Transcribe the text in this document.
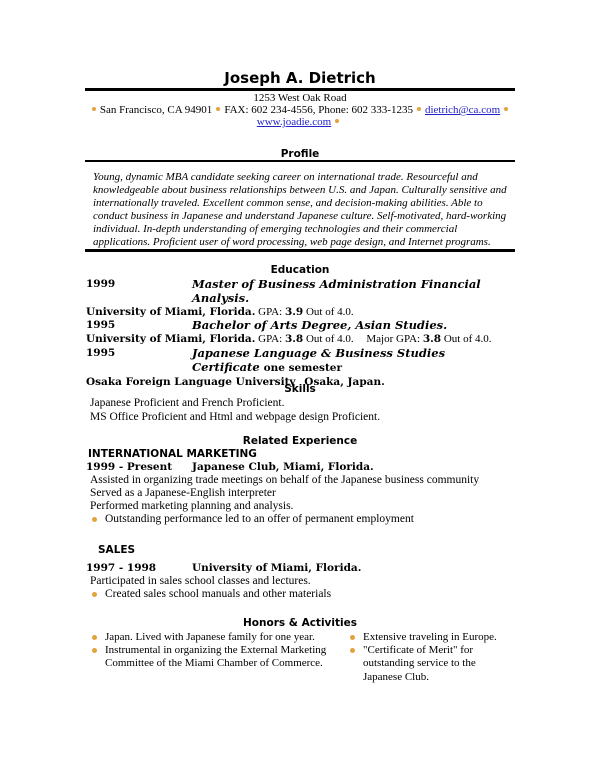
Joseph A. Dietrich
1253 West Oak Road
San Francisco, CA 94901 FAX: 602 234-4556, Phone: 602 333-1235 dietrich@ca.com
www.joadie.com
Profile
Young, dynamic MBA candidate seeking career on international trade. Resourceful and
knowledgeable about business relationships between U.S. and Japan. Culturally sensitive and
internationally traveled. Excellent common sense, and decision-making abilities. Able to
conduct business in Japanese and understand Japanese culture. Self-motivated, hard-working
individual. In-depth understanding of emerging technologies and their commercial
applications. Proficient user of word processing, web page design, and Internet programs.
Education
1999	Master of Business Administration Financial Analysis.
University of Miami, Florida. GPA: 3.9 Out of 4.0.
1995	Bachelor of Arts Degree, Asian Studies.
University of Miami, Florida. GPA: 3.8 Out of 4.0. Major GPA: 3.8 Out of 4.0.
1995	Japanese Language & Business Studies Certificate one semester
Osaka Foreign Language University Osaka, Japan.
Skills
Japanese Proficient and French Proficient.
MS Office Proficient and Html and webpage design Proficient.
Related Experience
INTERNATIONAL MARKETING
1999 - Present	Japanese Club, Miami, Florida.
Assisted in organizing trade meetings on behalf of the Japanese business community
Served as a Japanese-English interpreter
Performed marketing planning and analysis.
Outstanding performance led to an offer of permanent employment
SALES
1997 - 1998	University of Miami, Florida.
Participated in sales school classes and lectures.
Created sales school manuals and other materials
Honors & Activities
Japan. Lived with Japanese family for one year.
Instrumental in organizing the External Marketing Committee of the Miami Chamber of Commerce.
Extensive traveling in Europe.
"Certificate of Merit" for outstanding service to the Japanese Club.
